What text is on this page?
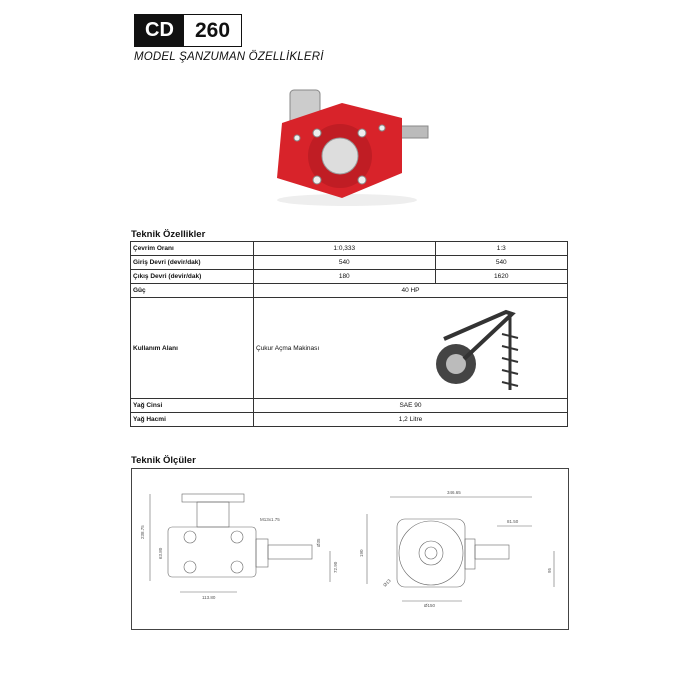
CD	260
MODEL ŞANZUMAN ÖZELLİKLERİ
Teknik Özellikler
Çevrim Oranı	1:0,333	1:3
Giriş Devri (devir/dak)	540	540
Çıkış Devri (devir/dak)	180	1620
Güç	40 HP	
Kullanım Alanı	Çukur Açma Makinası	

Yağ Cinsi	SAE 90	
Yağ Hacmi	1,2 Litre	
Teknik Ölçüler
238.75
63.80
M13x1.75
Ø35
72.90
113.80
346.65
190
81.50
95
Ø13
Ø150
